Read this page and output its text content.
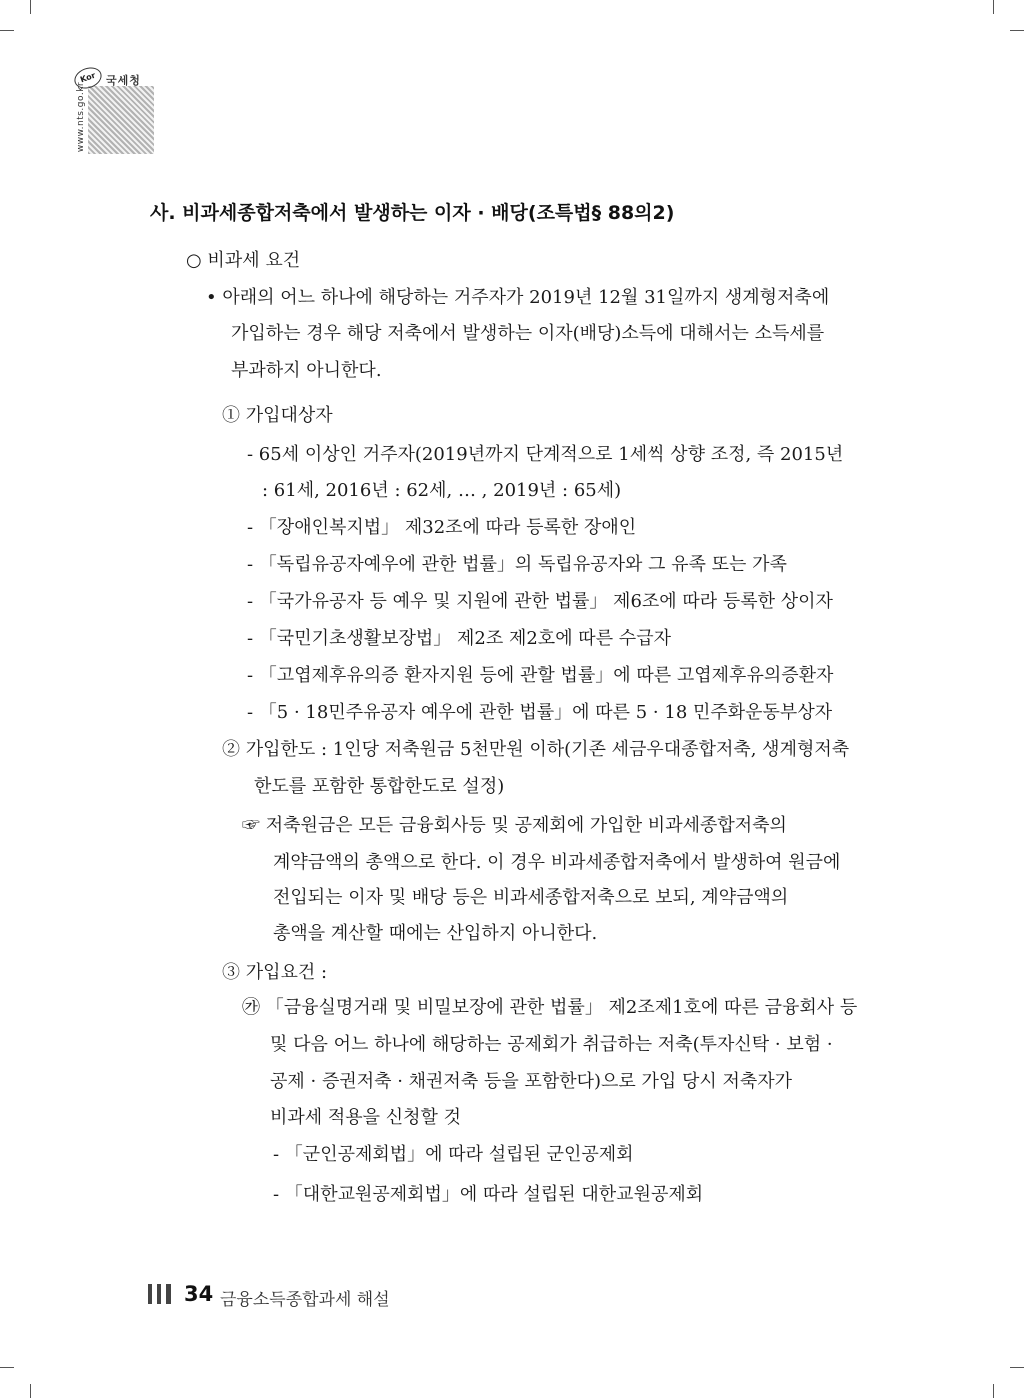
Kor 국세청
www.nts.go.kr
사. 비과세종합저축에서 발생하는 이자 · 배당(조특법§ 88의2)
○ 비과세 요건
• 아래의 어느 하나에 해당하는 거주자가 2019년 12월 31일까지 생계형저축에
가입하는 경우 해당 저축에서 발생하는 이자(배당)소득에 대해서는 소득세를
부과하지 아니한다.
① 가입대상자
- 65세 이상인 거주자(2019년까지 단계적으로 1세씩 상향 조정, 즉 2015년
: 61세, 2016년 : 62세, … , 2019년 : 65세)
- 「장애인복지법」 제32조에 따라 등록한 장애인
- 「독립유공자예우에 관한 법률」의 독립유공자와 그 유족 또는 가족
- 「국가유공자 등 예우 및 지원에 관한 법률」 제6조에 따라 등록한 상이자
- 「국민기초생활보장법」 제2조 제2호에 따른 수급자
- 「고엽제후유의증 환자지원 등에 관할 법률」에 따른 고엽제후유의증환자
- 「5 · 18민주유공자 예우에 관한 법률」에 따른 5 · 18 민주화운동부상자
② 가입한도 : 1인당 저축원금 5천만원 이하(기존 세금우대종합저축, 생계형저축
한도를 포함한 통합한도로 설정)
☞ 저축원금은 모든 금융회사등 및 공제회에 가입한 비과세종합저축의
계약금액의 총액으로 한다. 이 경우 비과세종합저축에서 발생하여 원금에
전입되는 이자 및 배당 등은 비과세종합저축으로 보되, 계약금액의
총액을 계산할 때에는 산입하지 아니한다.
③ 가입요건 :
㉮ 「금융실명거래 및 비밀보장에 관한 법률」 제2조제1호에 따른 금융회사 등
및 다음 어느 하나에 해당하는 공제회가 취급하는 저축(투자신탁 · 보험 ·
공제 · 증권저축 · 채권저축 등을 포함한다)으로 가입 당시 저축자가
비과세 적용을 신청할 것
- 「군인공제회법」에 따라 설립된 군인공제회
- 「대한교원공제회법」에 따라 설립된 대한교원공제회
34 금융소득종합과세 해설
